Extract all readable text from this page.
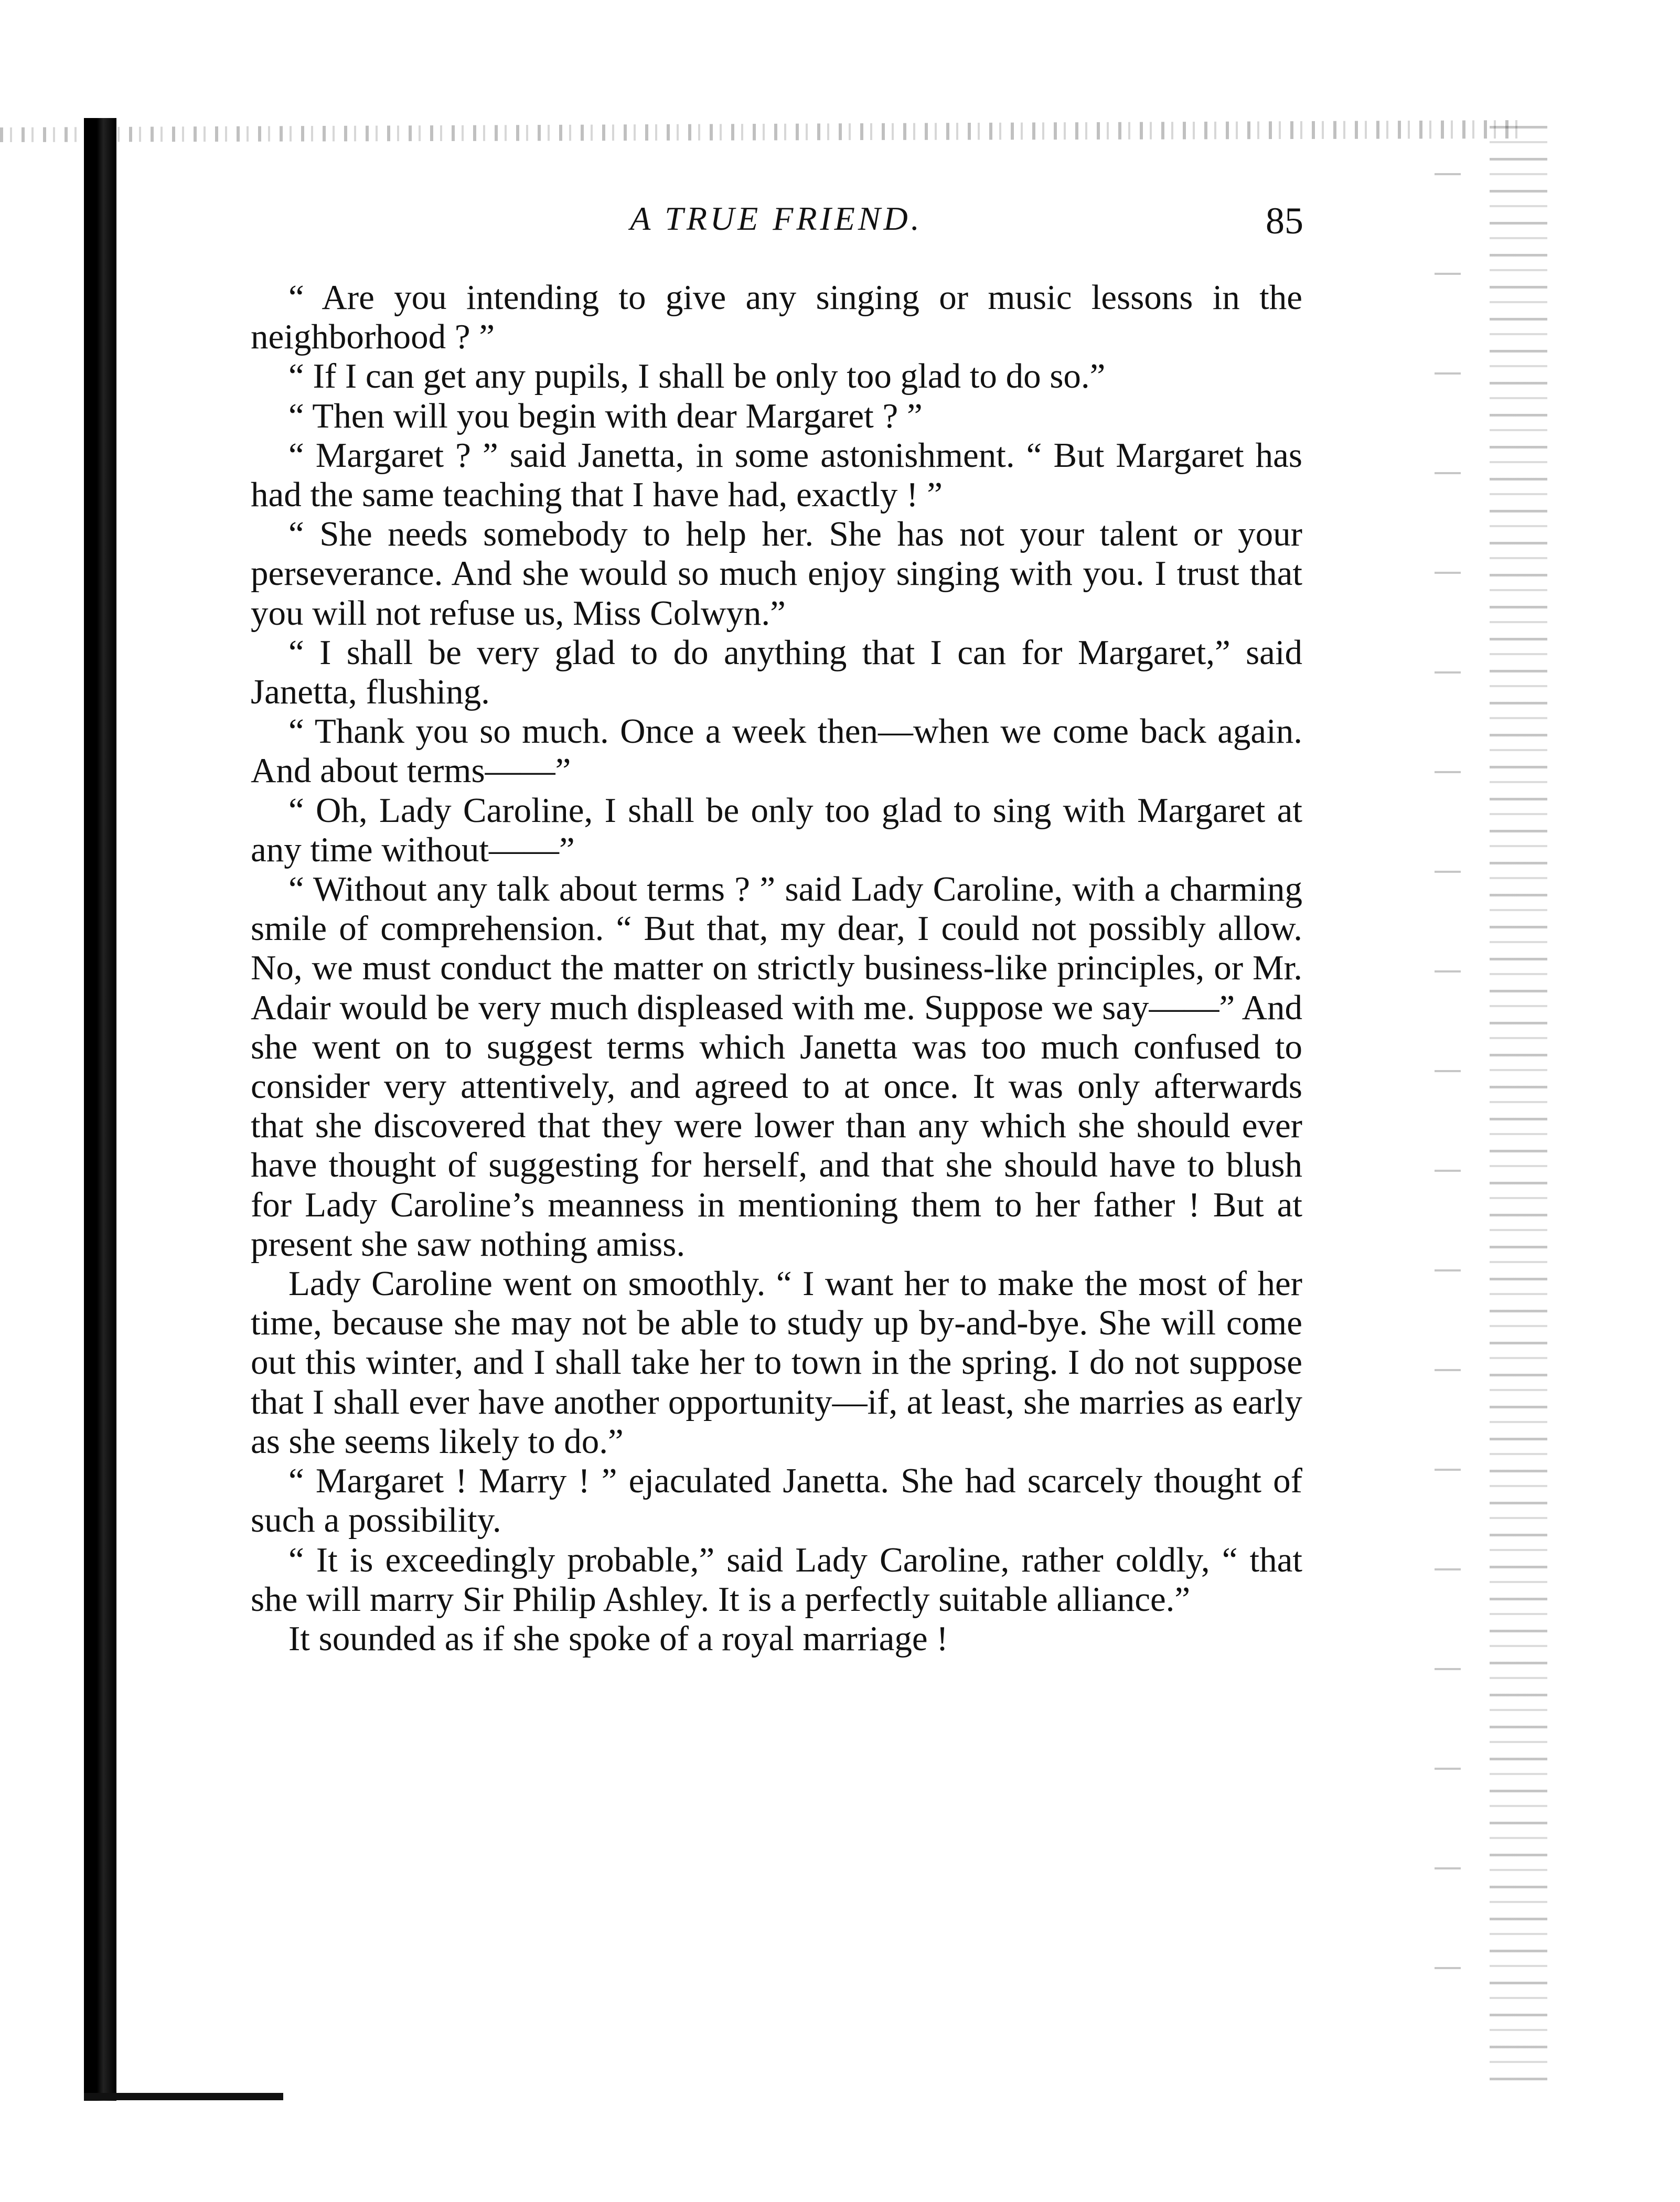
A TRUE FRIEND.	85

“ Are you intending to give any singing or music lessons in the neighborhood ? ”

“ If I can get any pupils, I shall be only too glad to do so.”

“ Then will you begin with dear Margaret ? ”

“ Margaret ? ” said Janetta, in some astonishment. “ But Margaret has had the same teaching that I have had, exactly ! ”

“ She needs somebody to help her. She has not your talent or your perseverance. And she would so much enjoy singing with you. I trust that you will not refuse us, Miss Colwyn.”

“ I shall be very glad to do anything that I can for Margaret,” said Janetta, flushing.

“ Thank you so much. Once a week then—when we come back again. And about terms——”

“ Oh, Lady Caroline, I shall be only too glad to sing with Margaret at any time without——”

“ Without any talk about terms ? ” said Lady Caroline, with a charming smile of comprehension. “ But that, my dear, I could not possibly allow. No, we must conduct the matter on strictly business-like principles, or Mr. Adair would be very much displeased with me. Suppose we say——” And she went on to suggest terms which Janetta was too much confused to consider very attentively, and agreed to at once. It was only afterwards that she discovered that they were lower than any which she should ever have thought of suggesting for herself, and that she should have to blush for Lady Caroline’s meanness in mentioning them to her father ! But at present she saw nothing amiss.

Lady Caroline went on smoothly. “ I want her to make the most of her time, because she may not be able to study up by-and-bye. She will come out this winter, and I shall take her to town in the spring. I do not suppose that I shall ever have another opportunity—if, at least, she marries as early as she seems likely to do.”

“ Margaret ! Marry ! ” ejaculated Janetta. She had scarcely thought of such a possibility.

“ It is exceedingly probable,” said Lady Caroline, rather coldly, “ that she will marry Sir Philip Ashley. It is a perfectly suitable alliance.”

It sounded as if she spoke of a royal marriage !
